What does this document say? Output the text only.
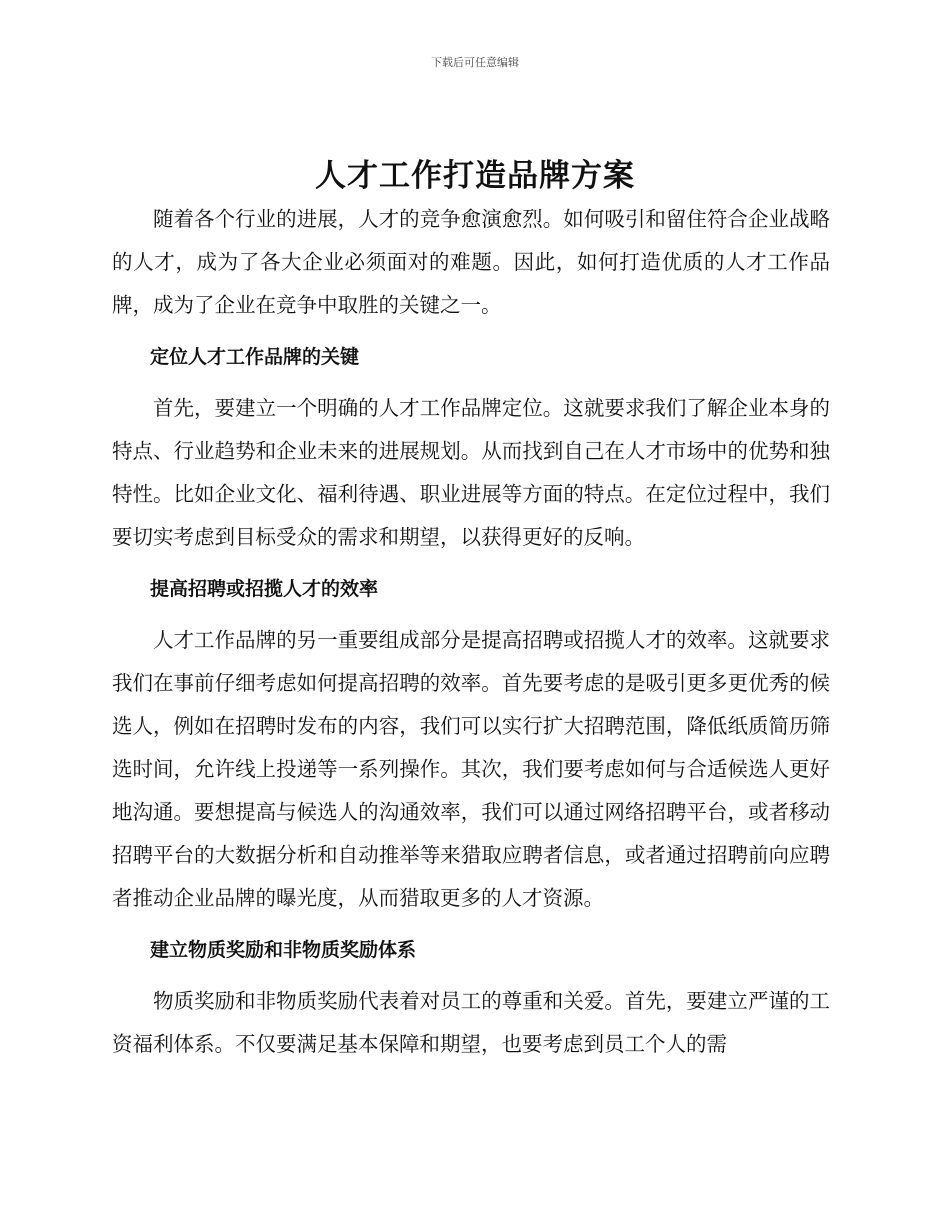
下载后可任意编辑
人才工作打造品牌方案

随着各个行业的进展，人才的竞争愈演愈烈。如何吸引和留住符合企业战略的人才，成为了各大企业必须面对的难题。因此，如何打造优质的人才工作品牌，成为了企业在竞争中取胜的关键之一。

定位人才工作品牌的关键

首先，要建立一个明确的人才工作品牌定位。这就要求我们了解企业本身的特点、行业趋势和企业未来的进展规划。从而找到自己在人才市场中的优势和独特性。比如企业文化、福利待遇、职业进展等方面的特点。在定位过程中，我们要切实考虑到目标受众的需求和期望，以获得更好的反响。

提高招聘或招揽人才的效率

人才工作品牌的另一重要组成部分是提高招聘或招揽人才的效率。这就要求我们在事前仔细考虑如何提高招聘的效率。首先要考虑的是吸引更多更优秀的候选人，例如在招聘时发布的内容，我们可以实行扩大招聘范围，降低纸质简历筛选时间，允许线上投递等一系列操作。其次，我们要考虑如何与合适候选人更好地沟通。要想提高与候选人的沟通效率，我们可以通过网络招聘平台，或者移动招聘平台的大数据分析和自动推举等来猎取应聘者信息，或者通过招聘前向应聘者推动企业品牌的曝光度，从而猎取更多的人才资源。

建立物质奖励和非物质奖励体系

物质奖励和非物质奖励代表着对员工的尊重和关爱。首先，要建立严谨的工资福利体系。不仅要满足基本保障和期望，也要考虑到员工个人的需
